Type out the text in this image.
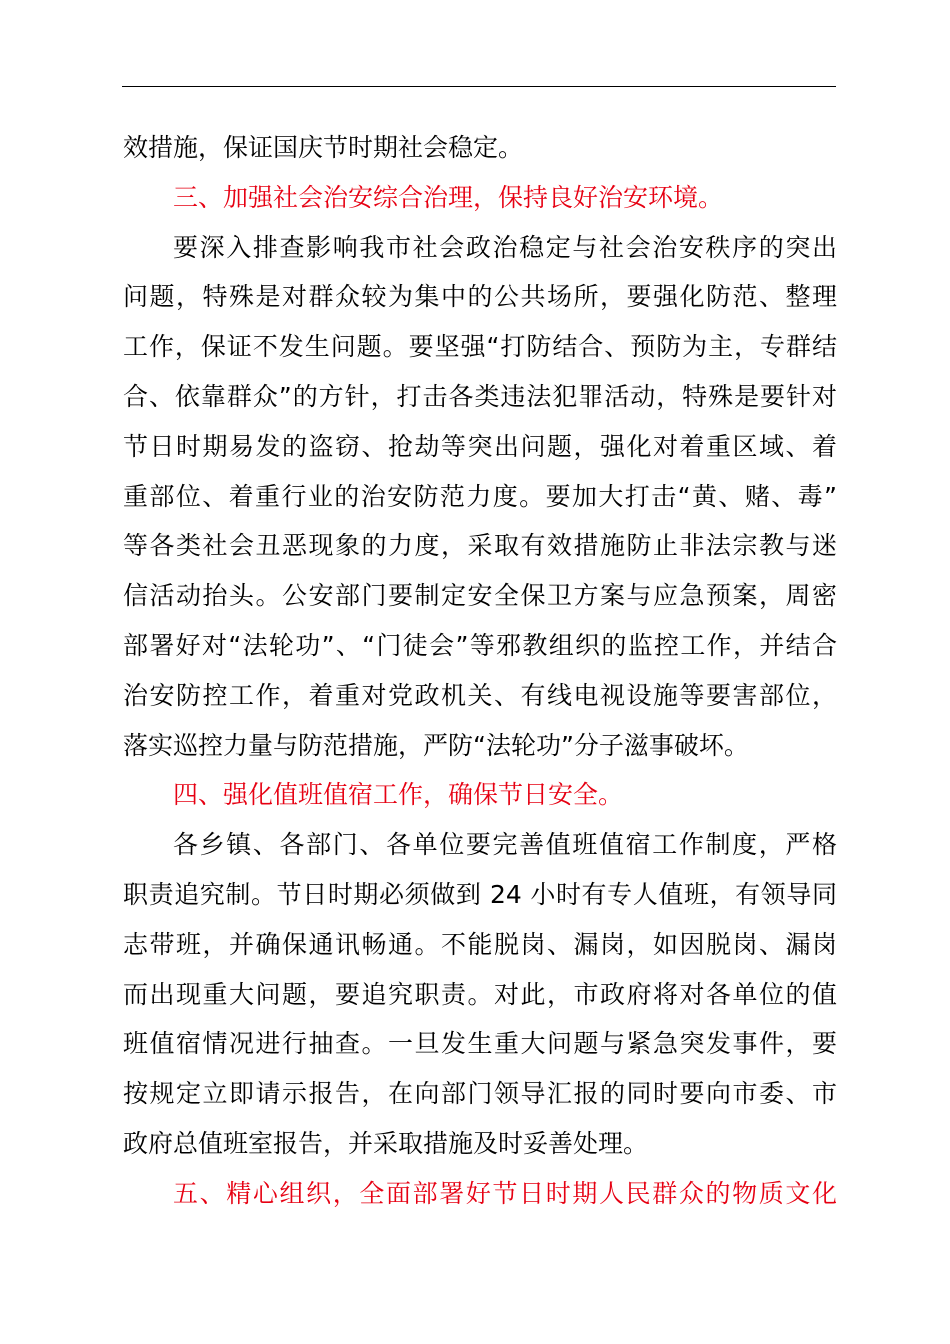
效措施，保证国庆节时期社会稳定。
三、加强社会治安综合治理，保持良好治安环境。
要深入排查影响我市社会政治稳定与社会治安秩序的突出
问题，特殊是对群众较为集中的公共场所，要强化防范、整理
工作，保证不发生问题。要坚强“打防结合、预防为主，专群结
合、依靠群众”的方针，打击各类违法犯罪活动，特殊是要针对
节日时期易发的盗窃、抢劫等突出问题，强化对着重区域、着
重部位、着重行业的治安防范力度。要加大打击“黄、赌、毒”
等各类社会丑恶现象的力度，采取有效措施防止非法宗教与迷
信活动抬头。公安部门要制定安全保卫方案与应急预案，周密
部署好对“法轮功”、“门徒会”等邪教组织的监控工作，并结合
治安防控工作，着重对党政机关、有线电视设施等要害部位，
落实巡控力量与防范措施，严防“法轮功”分子滋事破坏。
四、强化值班值宿工作，确保节日安全。
各乡镇、各部门、各单位要完善值班值宿工作制度，严格
职责追究制。节日时期必须做到 24 小时有专人值班，有领导同
志带班，并确保通讯畅通。不能脱岗、漏岗，如因脱岗、漏岗
而出现重大问题，要追究职责。对此，市政府将对各单位的值
班值宿情况进行抽查。一旦发生重大问题与紧急突发事件，要
按规定立即请示报告，在向部门领导汇报的同时要向市委、市
政府总值班室报告，并采取措施及时妥善处理。
五、精心组织，全面部署好节日时期人民群众的物质文化
